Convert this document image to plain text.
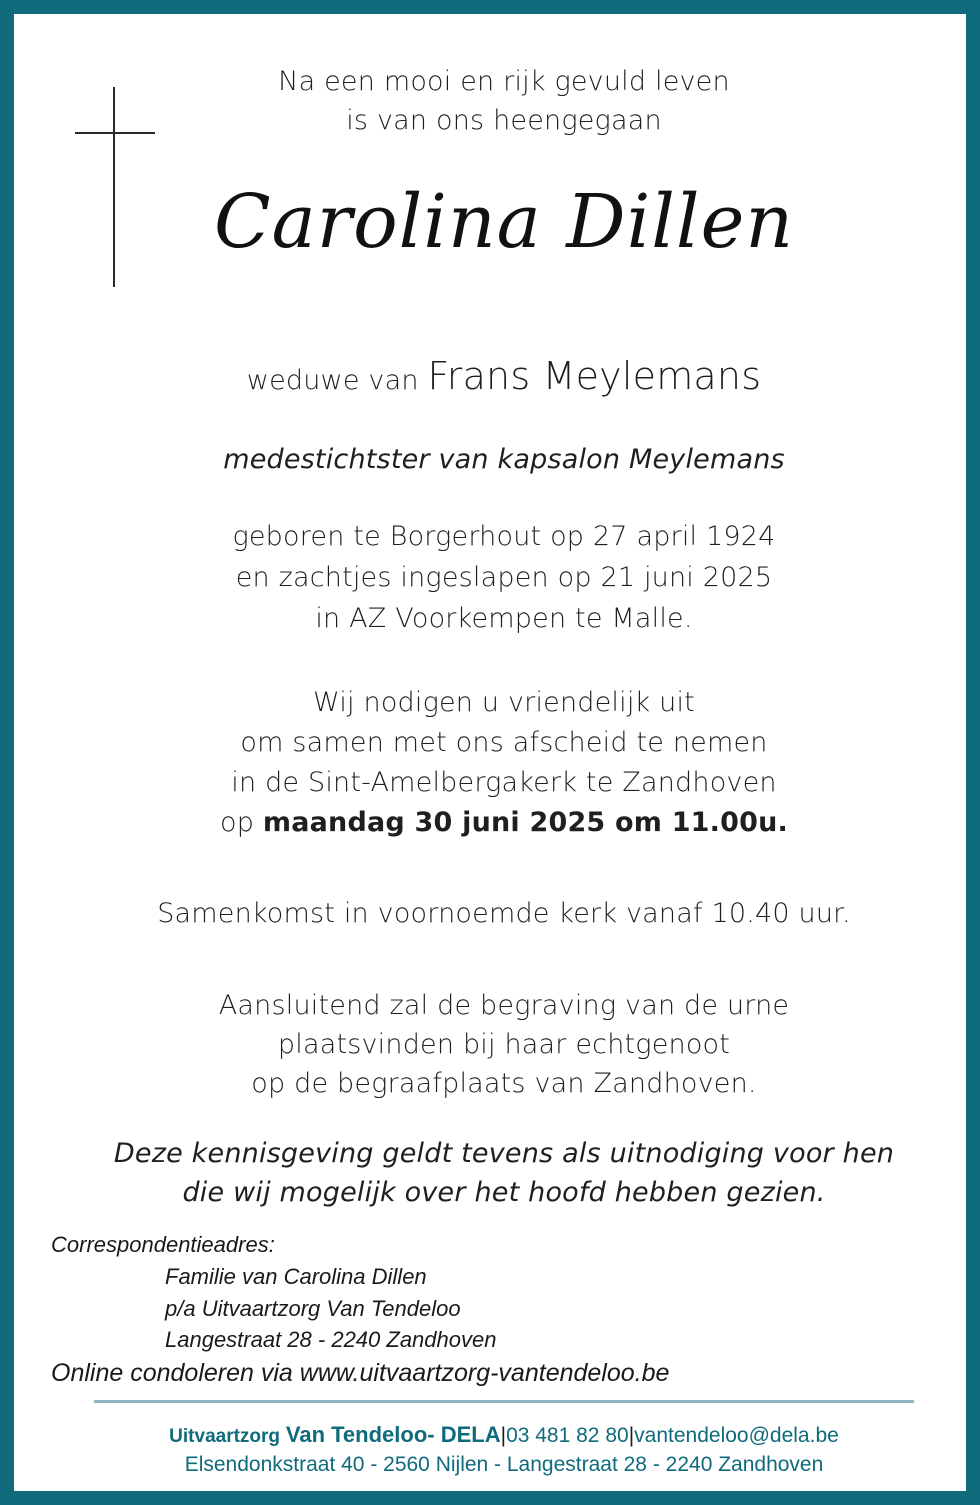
Na een mooi en rijk gevuld leven
is van ons heengegaan
Carolina Dillen
weduwe van Frans Meylemans
medestichtster van kapsalon Meylemans
geboren te Borgerhout op 27 april 1924
en zachtjes ingeslapen op 21 juni 2025
in AZ Voorkempen te Malle.
Wij nodigen u vriendelijk uit
om samen met ons afscheid te nemen
in de Sint-Amelbergakerk te Zandhoven
op maandag 30 juni 2025 om 11.00u.
Samenkomst in voornoemde kerk vanaf 10.40 uur.
Aansluitend zal de begraving van de urne
plaatsvinden bij haar echtgenoot
op de begraafplaats van Zandhoven.
Deze kennisgeving geldt tevens als uitnodiging voor hen
die wij mogelijk over het hoofd hebben gezien.
Correspondentieadres:
Familie van Carolina Dillen
p/a Uitvaartzorg Van Tendeloo
Langestraat 28 - 2240 Zandhoven
Online condoleren via www.uitvaartzorg-vantendeloo.be
Uitvaartzorg Van Tendeloo- DELA|03 481 82 80|vantendeloo@dela.be
Elsendonkstraat 40 - 2560 Nijlen - Langestraat 28 - 2240 Zandhoven
